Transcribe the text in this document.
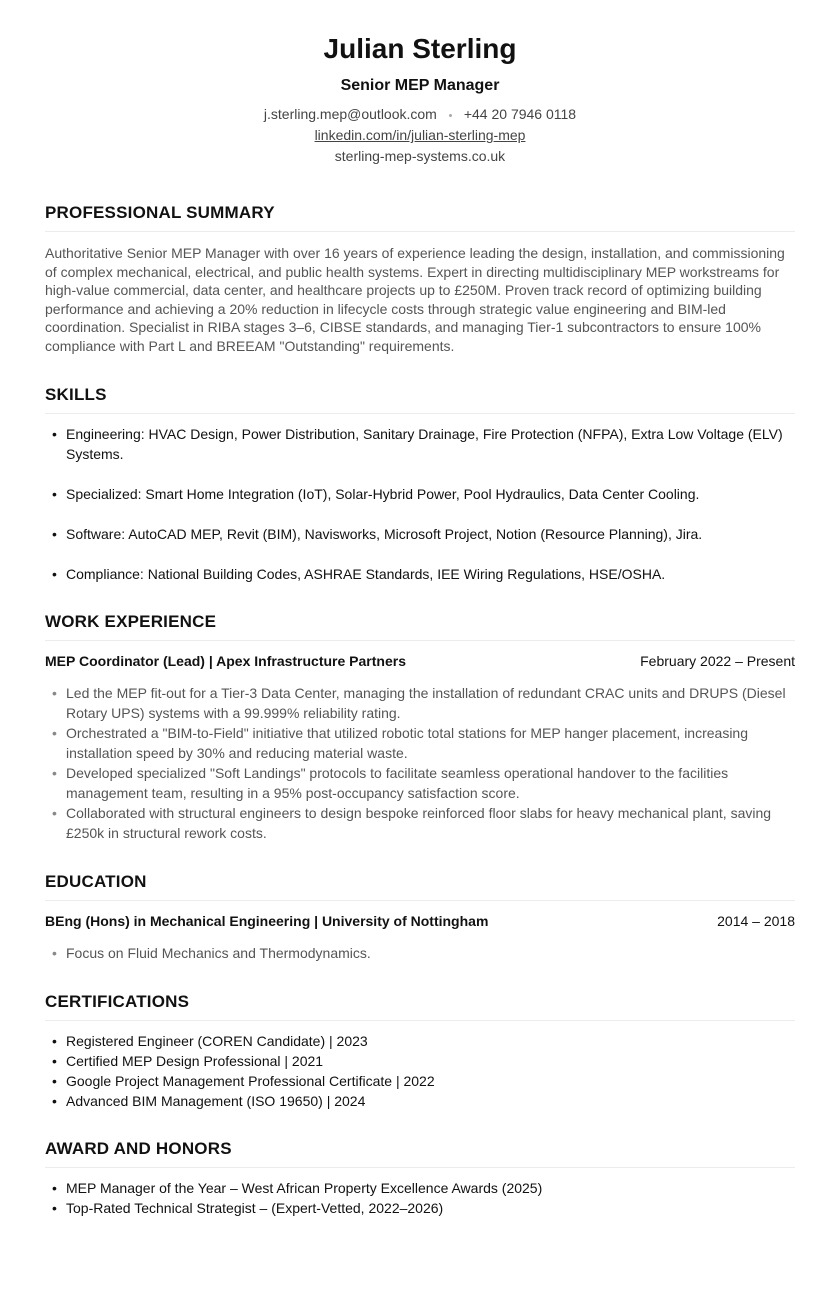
Julian Sterling
Senior MEP Manager
j.sterling.mep@outlook.com +44 20 7946 0118
linkedin.com/in/julian-sterling-mep
sterling-mep-systems.co.uk
PROFESSIONAL SUMMARY
Authoritative Senior MEP Manager with over 16 years of experience leading the design, installation, and commissioning of complex mechanical, electrical, and public health systems. Expert in directing multidisciplinary MEP workstreams for high-value commercial, data center, and healthcare projects up to £250M. Proven track record of optimizing building performance and achieving a 20% reduction in lifecycle costs through strategic value engineering and BIM-led coordination. Specialist in RIBA stages 3–6, CIBSE standards, and managing Tier-1 subcontractors to ensure 100% compliance with Part L and BREEAM "Outstanding" requirements.
SKILLS
• Engineering: HVAC Design, Power Distribution, Sanitary Drainage, Fire Protection (NFPA), Extra Low Voltage (ELV) Systems.
• Specialized: Smart Home Integration (IoT), Solar-Hybrid Power, Pool Hydraulics, Data Center Cooling.
• Software: AutoCAD MEP, Revit (BIM), Navisworks, Microsoft Project, Notion (Resource Planning), Jira.
• Compliance: National Building Codes, ASHRAE Standards, IEE Wiring Regulations, HSE/OSHA.
WORK EXPERIENCE
MEP Coordinator (Lead) | Apex Infrastructure Partners	February 2022 – Present
• Led the MEP fit-out for a Tier-3 Data Center, managing the installation of redundant CRAC units and DRUPS (Diesel Rotary UPS) systems with a 99.999% reliability rating.
• Orchestrated a "BIM-to-Field" initiative that utilized robotic total stations for MEP hanger placement, increasing installation speed by 30% and reducing material waste.
• Developed specialized "Soft Landings" protocols to facilitate seamless operational handover to the facilities management team, resulting in a 95% post-occupancy satisfaction score.
• Collaborated with structural engineers to design bespoke reinforced floor slabs for heavy mechanical plant, saving £250k in structural rework costs.
EDUCATION
BEng (Hons) in Mechanical Engineering | University of Nottingham	2014 – 2018
• Focus on Fluid Mechanics and Thermodynamics.
CERTIFICATIONS
• Registered Engineer (COREN Candidate) | 2023
• Certified MEP Design Professional | 2021
• Google Project Management Professional Certificate | 2022
• Advanced BIM Management (ISO 19650) | 2024
AWARD AND HONORS
• MEP Manager of the Year – West African Property Excellence Awards (2025)
• Top-Rated Technical Strategist – (Expert-Vetted, 2022–2026)
